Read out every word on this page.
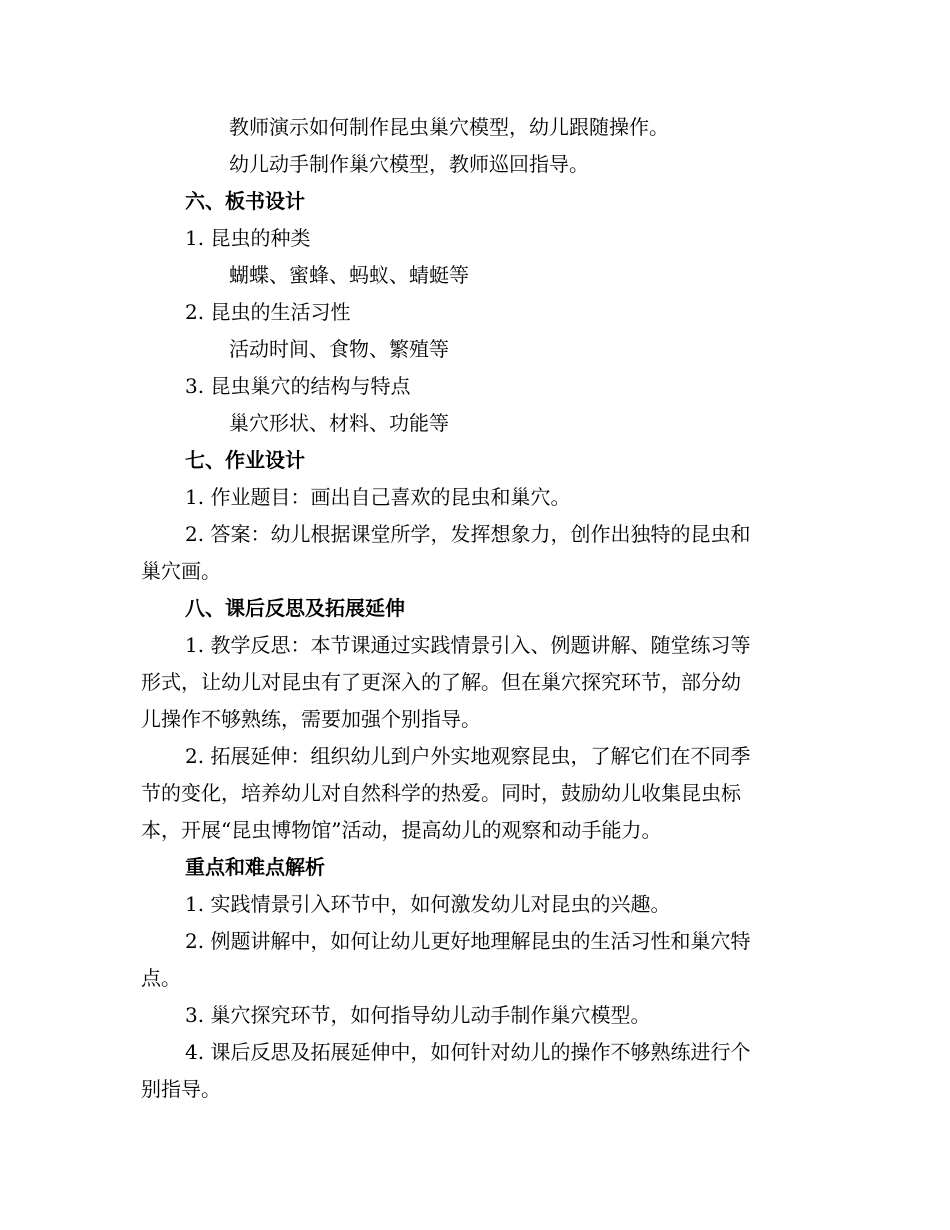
教师演示如何制作昆虫巢穴模型，幼儿跟随操作。

幼儿动手制作巢穴模型，教师巡回指导。

六、板书设计

1. 昆虫的种类

蝴蝶、蜜蜂、蚂蚁、蜻蜓等

2. 昆虫的生活习性

活动时间、食物、繁殖等

3. 昆虫巢穴的结构与特点

巢穴形状、材料、功能等

七、作业设计

1. 作业题目：画出自己喜欢的昆虫和巢穴。

2. 答案：幼儿根据课堂所学，发挥想象力，创作出独特的昆虫和

巢穴画。

八、课后反思及拓展延伸

1. 教学反思：本节课通过实践情景引入、例题讲解、随堂练习等

形式，让幼儿对昆虫有了更深入的了解。但在巢穴探究环节，部分幼

儿操作不够熟练，需要加强个别指导。

2. 拓展延伸：组织幼儿到户外实地观察昆虫，了解它们在不同季

节的变化，培养幼儿对自然科学的热爱。同时，鼓励幼儿收集昆虫标

本，开展“昆虫博物馆”活动，提高幼儿的观察和动手能力。

重点和难点解析

1. 实践情景引入环节中，如何激发幼儿对昆虫的兴趣。

2. 例题讲解中，如何让幼儿更好地理解昆虫的生活习性和巢穴特

点。

3. 巢穴探究环节，如何指导幼儿动手制作巢穴模型。

4. 课后反思及拓展延伸中，如何针对幼儿的操作不够熟练进行个

别指导。
